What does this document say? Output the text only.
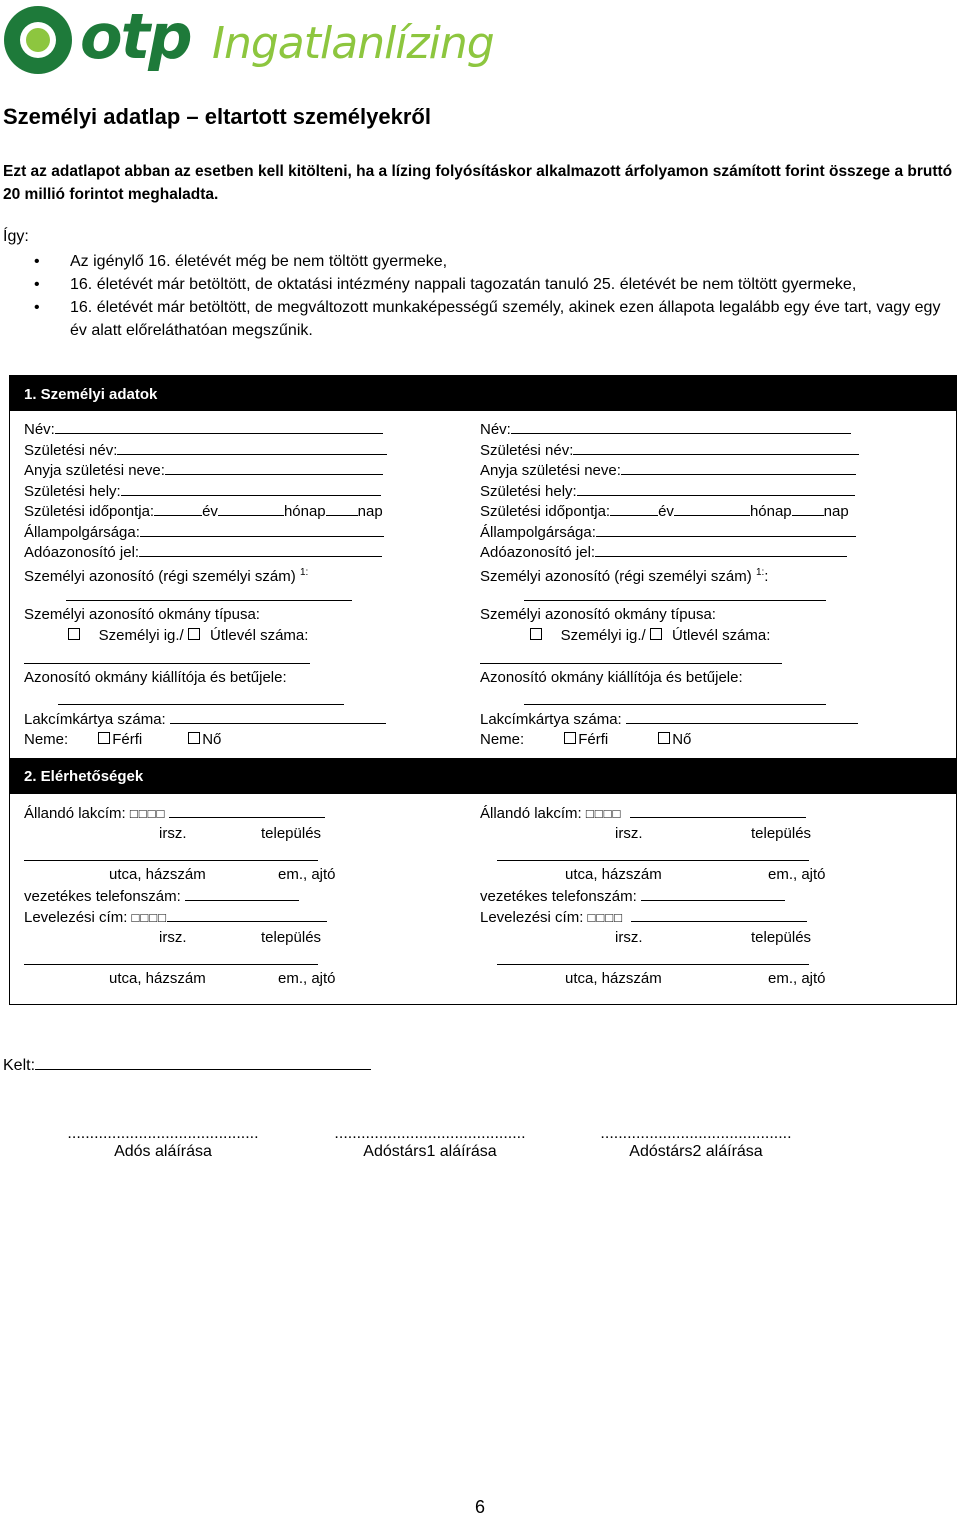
otp Ingatlanlízing
Személyi adatlap – eltartott személyekről
Ezt az adatlapot abban az esetben kell kitölteni, ha a lízing folyósításkor alkalmazott árfolyamon számított forint összege a bruttó 20 millió forintot meghaladta.
Így:
• Az igénylő 16. életévét még be nem töltött gyermeke,
• 16. életévét már betöltött, de oktatási intézmény nappali tagozatán tanuló 25. életévét be nem töltött gyermeke,
• 16. életévét már betöltött, de megváltozott munkaképességű személy, akinek ezen állapota legalább egy éve tart, vagy egy év alatt előreláthatóan megszűnik.
1. Személyi adatok
Név:
Születési név:
Anyja születési neve:
Születési hely:
Születési időpontja:	év	hónap nap
Állampolgársága:
Adóazonosító jel:
Személyi azonosító (régi személyi szám) $^{1:}$
Személyi azonosító okmány típusa:
Személyi ig./ Útlevél száma:
Azonosító okmány kiállítója és betűjele:
Lakcímkártya száma:
Neme:	Férfi	Nő
Név:
Születési név:
Anyja születési neve:
Születési hely:
Születési időpontja:	év	hónap nap
Állampolgársága:
Adóazonosító jel:
Személyi azonosító (régi személyi szám) $^{1:}$:
Személyi azonosító okmány típusa:
Személyi ig./ Útlevél száma:
Azonosító okmány kiállítója és betűjele:
Lakcímkártya száma:
Neme:	Férfi	Nő
2. Elérhetőségek
Állandó lakcím: □□□□
irsz.	település
utca, házszám	em., ajtó
vezetékes telefonszám:
Levelezési cím: □□□□
irsz.	település
utca, házszám	em., ajtó
Állandó lakcím: □□□□
irsz.	település
utca, házszám	em., ajtó
vezetékes telefonszám:
Levelezési cím: □□□□
irsz.	település
utca, házszám	em., ajtó
Kelt:
...........................................
Adós aláírása
...........................................
Adóstárs1 aláírása
...........................................
Adóstárs2 aláírása
6
